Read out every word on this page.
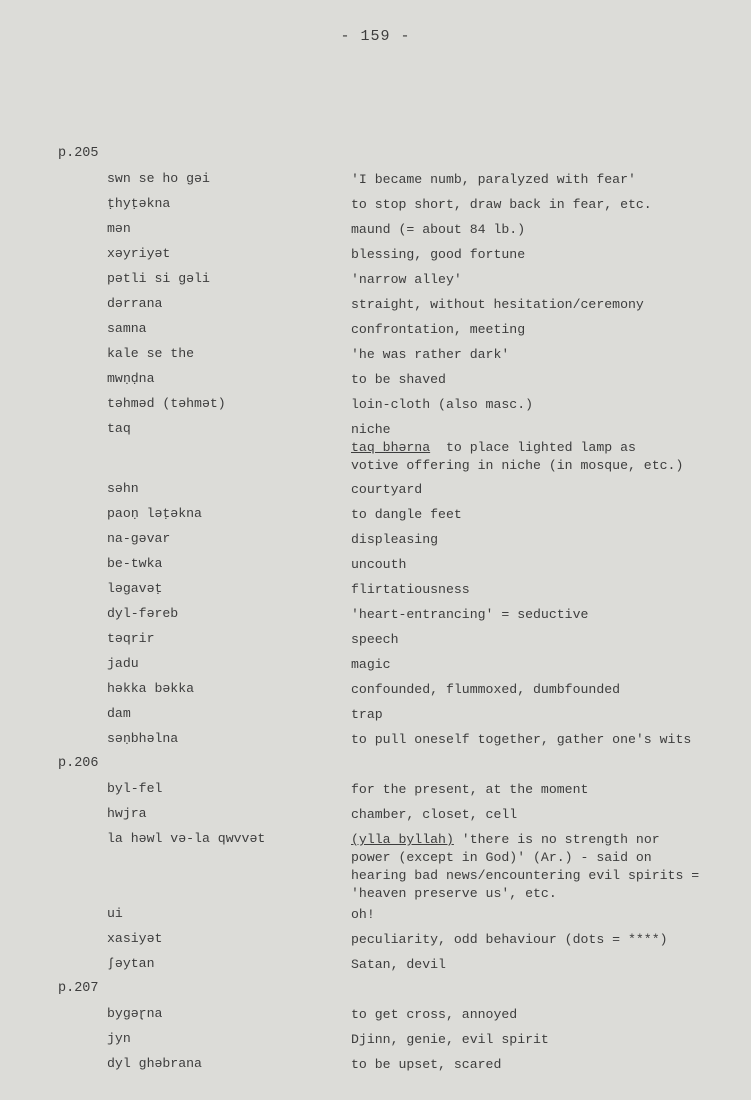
- 159 -
p.205
swn se ho gəi	'I became numb, paralyzed with fear'
ṭhyṭəkna	to stop short, draw back in fear, etc.
mən	maund (= about 84 lb.)
xəyriyət	blessing, good fortune
pətli si gəli	'narrow alley'
dərrana	straight, without hesitation/ceremony
samna	confrontation, meeting
kale se the	'he was rather dark'
mwṇḍna	to be shaved
təhməd (təhmət)	loin-cloth (also masc.)
taq	niche
taq bhərna to place lighted lamp as
votive offering in niche (in mosque, etc.)
səhn	courtyard
paoṇ ləṭəkna	to dangle feet
na-gəvar	displeasing
be-twka	uncouth
ləgavəṭ	flirtatiousness
dyl-fəreb	'heart-entrancing' = seductive
təqrir	speech
jadu	magic
həkka bəkka	confounded, flummoxed, dumbfounded
dam	trap
səṇbhəlna	to pull oneself together, gather one's wits
p.206
byl-fel	for the present, at the moment
hwjra	chamber, closet, cell
la həwl və-la qwvvət	(ylla byllah) 'there is no strength nor
power (except in God)' (Ar.) - said on
hearing bad news/encountering evil spirits =
'heaven preserve us', etc.
ui	oh!
xasiyət	peculiarity, odd behaviour (dots = ****)
ʃəytan	Satan, devil
p.207
bygəɽna	to get cross, annoyed
jyn	Djinn, genie, evil spirit
dyl ghəbrana	to be upset, scared
